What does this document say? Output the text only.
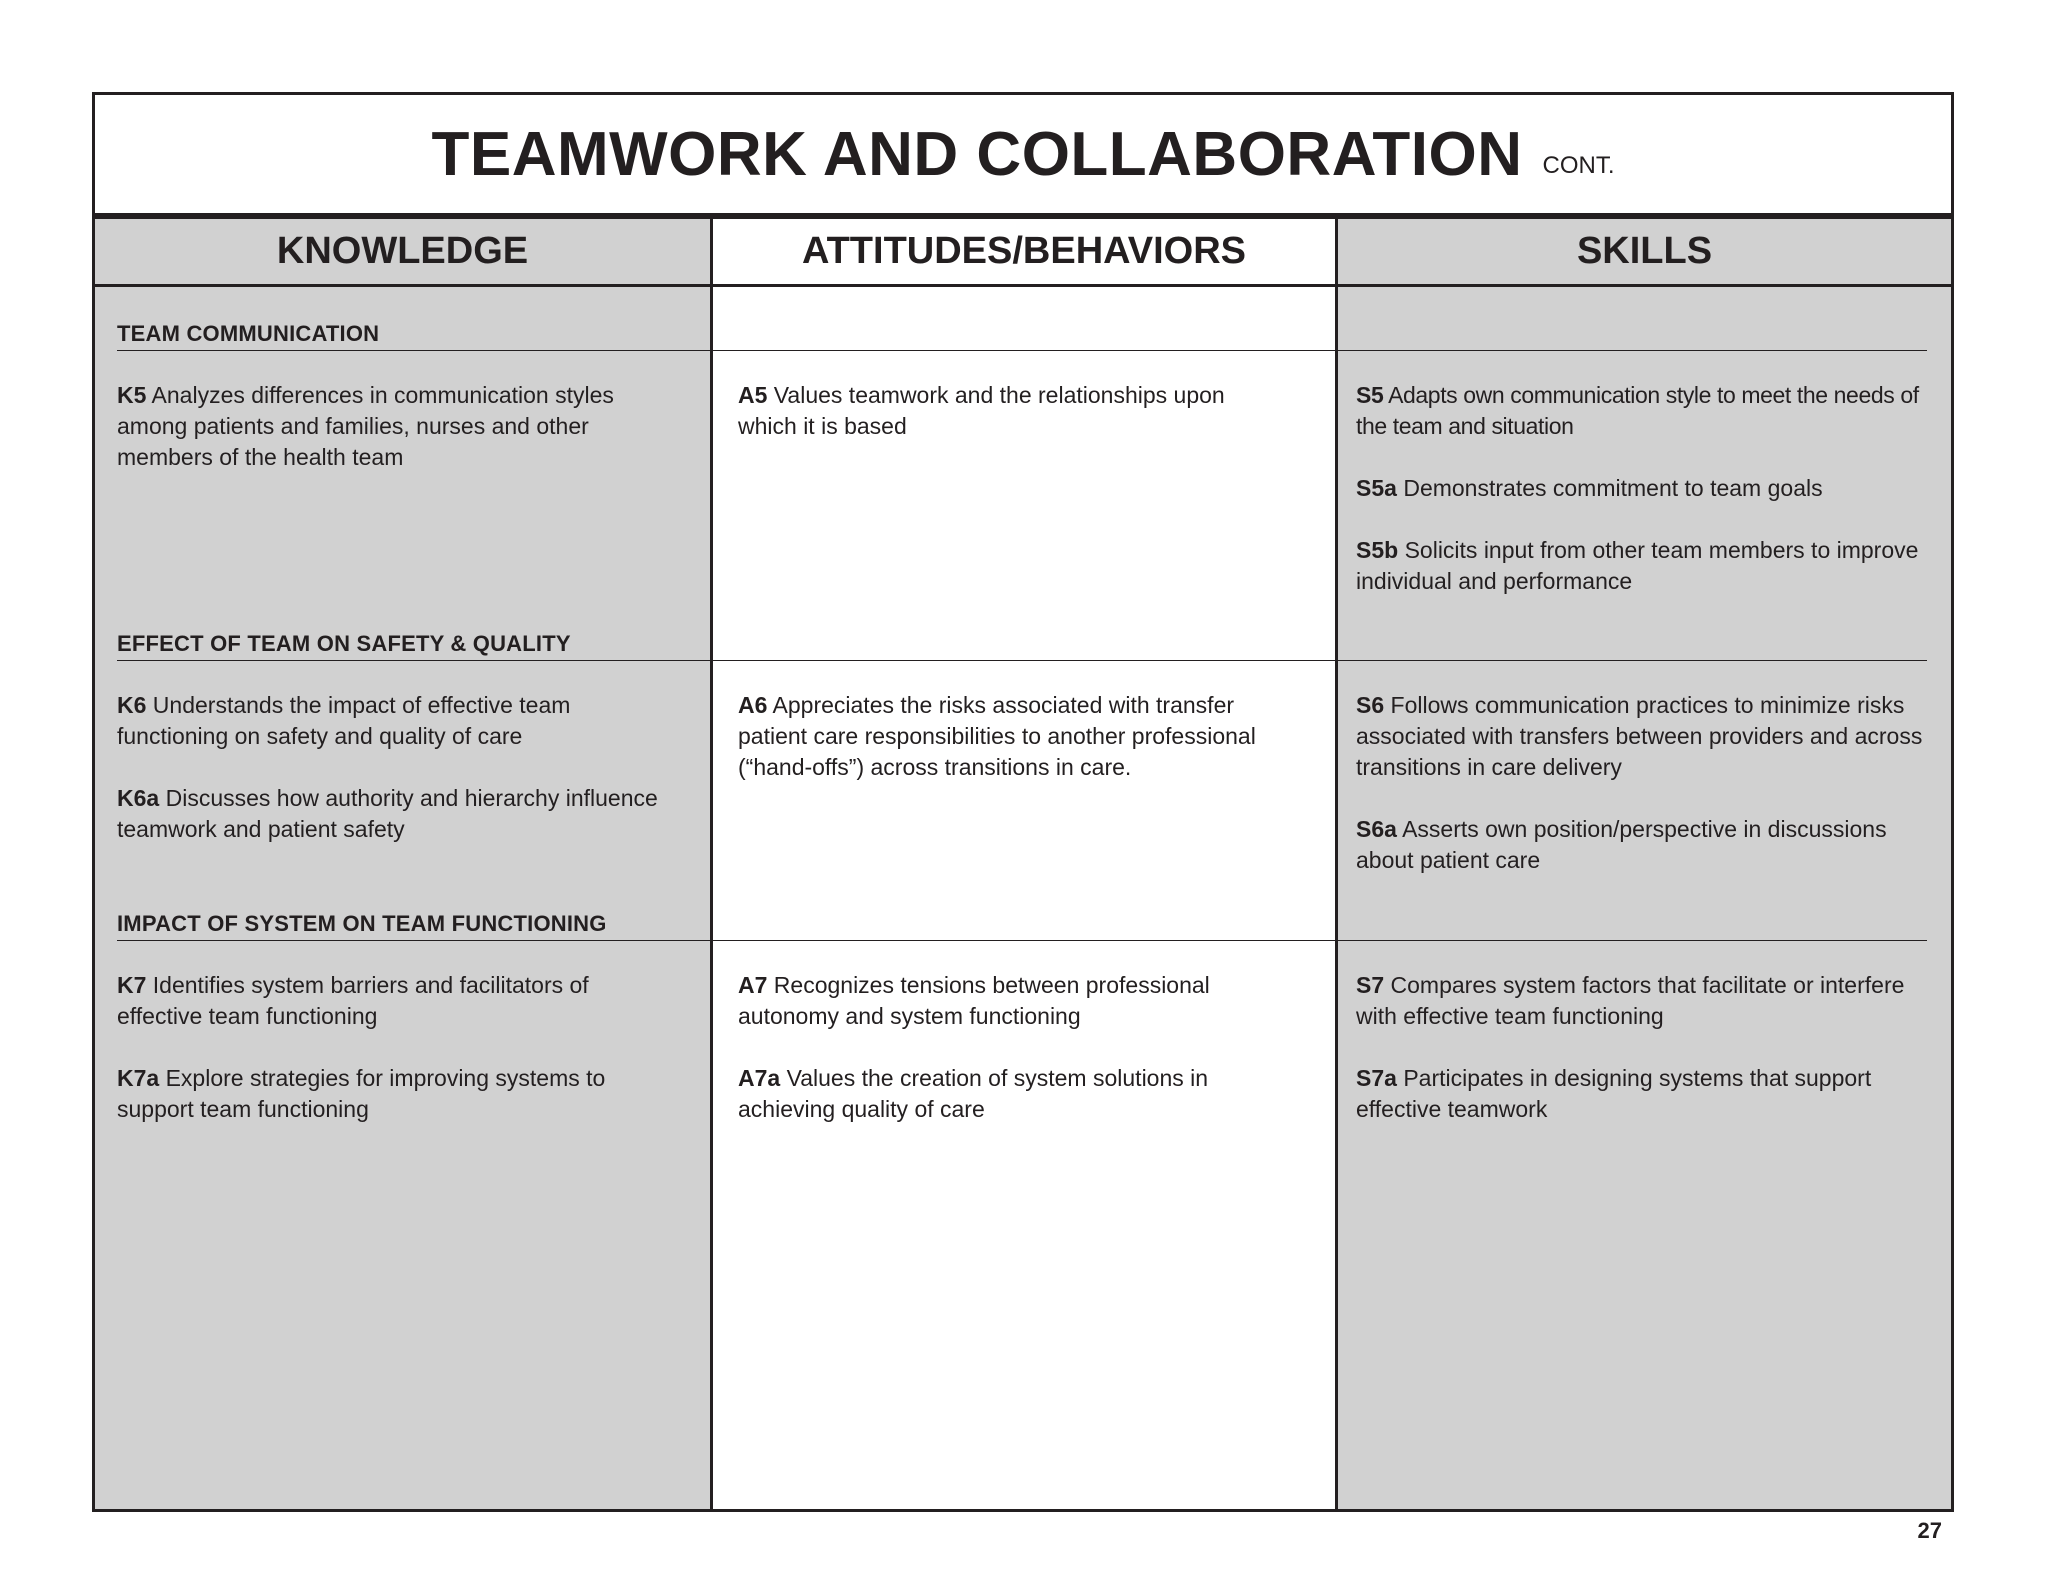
TEAMWORK AND COLLABORATION CONT.
KNOWLEDGE	ATTITUDES/BEHAVIORS	SKILLS
TEAM COMMUNICATION
EFFECT OF TEAM ON SAFETY & QUALITY
IMPACT OF SYSTEM ON TEAM FUNCTIONING
K5 Analyzes differences in communication styles among patients and families, nurses and other members of the health team
A5 Values teamwork and the relationships upon which it is based
S5 Adapts own communication style to meet the needs of the team and situation
S5a Demonstrates commitment to team goals
S5b Solicits input from other team members to improve individual and performance
K6 Understands the impact of effective team functioning on safety and quality of care
K6a Discusses how authority and hierarchy influence teamwork and patient safety
A6 Appreciates the risks associated with transfer patient care responsibilities to another professional (“hand-offs”) across transitions in care.
S6 Follows communication practices to minimize risks associated with transfers between providers and across transitions in care delivery
S6a Asserts own position/perspective in discussions about patient care
K7 Identifies system barriers and facilitators of effective team functioning
K7a Explore strategies for improving systems to support team functioning
A7 Recognizes tensions between professional autonomy and system functioning
A7a Values the creation of system solutions in achieving quality of care
S7 Compares system factors that facilitate or interfere with effective team functioning
S7a Participates in designing systems that support effective teamwork
27
